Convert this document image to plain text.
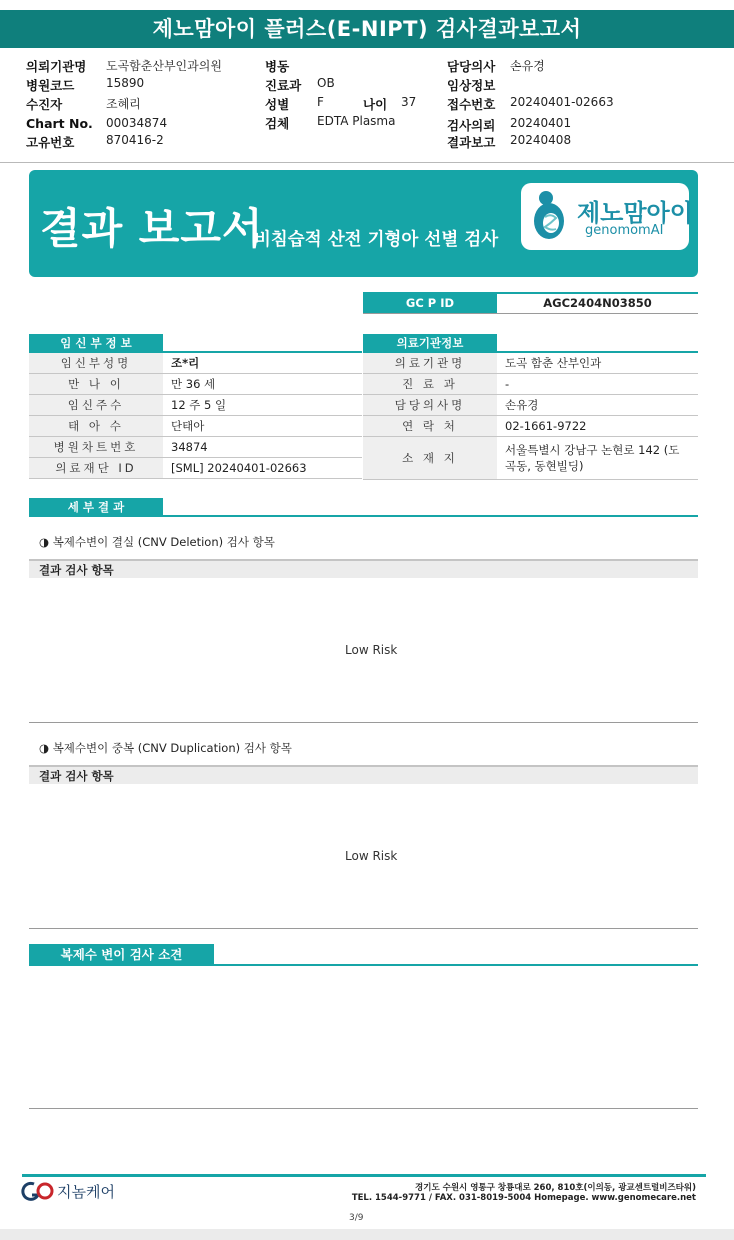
제노맘아이 플러스(E-NIPT) 검사결과보고서
의뢰기관명 도곡함춘산부인과의원
병원코드	15890
수진자	조혜리
Chart No. 00034874
고유번호	870416-2
병동
진료과 OB
성별 F	나이 37
검체 EDTA Plasma
담당의사 손유경
임상정보
접수번호 20240401-02663
검사의뢰 20240401
결과보고 20240408
결과 보고서
비침습적 산전 기형아 선별 검사
제노맘아이
genomomAI
GC P ID	AGC2404N03850
임 신 부 정 보
임신부성명	조*리
만 나 이	만 36 세
임신주수	12 주 5 일
태 아 수	단태아
병원차트번호	34874
의료재단 ID	[SML] 20240401-02663
의료기관정보
의료기관명	도곡 함춘 산부인과
진 료 과	-
담당의사명	손유경
연 락 처	02-1661-9722
소 재 지	서울특별시 강남구 논현로 142 (도곡동, 동현빌딩)
세 부 결 과
◑ 복제수변이 결실 (CNV Deletion) 검사 항목
결과 검사 항목
Low Risk
◑ 복제수변이 중복 (CNV Duplication) 검사 항목
결과 검사 항목
Low Risk
복제수 변이 검사 소견
지놈케어	경기도 수원시 영통구 창룡대로 260, 810호(이의동, 광교센트럴비즈타워)
TEL. 1544-9771 / FAX. 031-8019-5004 Homepage. www.genomecare.net
3/9
